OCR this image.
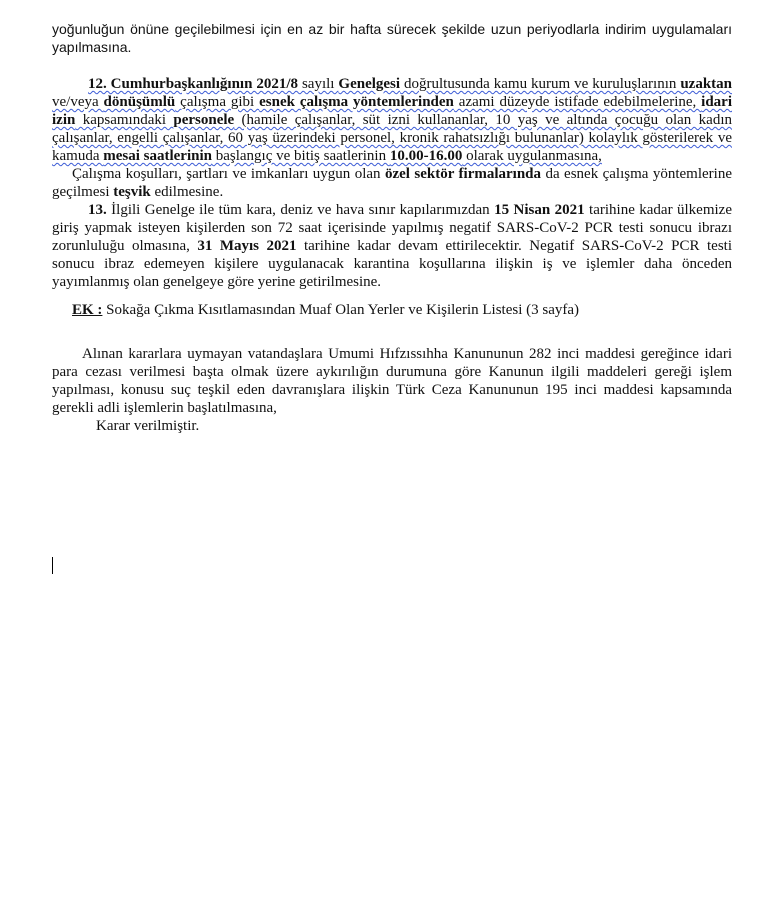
yoğunluğun önüne geçilebilmesi için en az bir hafta sürecek şekilde uzun periyodlarla indirim uygulamaları

yapılmasına.

12. Cumhurbaşkanlığının 2021/8 sayılı Genelgesi doğrultusunda kamu kurum ve kuruluşlarının uzaktan ve/veya dönüşümlü çalışma gibi esnek çalışma yöntemlerinden azami düzeyde istifade edebilmelerine, idari izin kapsamındaki personele (hamile çalışanlar, süt izni kullananlar, 10 yaş ve altında çocuğu olan kadın çalışanlar, engelli çalışanlar, 60 yaş üzerindeki personel, kronik rahatsızlığı bulunanlar) kolaylık gösterilerek ve kamuda mesai saatlerinin başlangıç ve bitiş saatlerinin 10.00-16.00 olarak uygulanmasına,

Çalışma koşulları, şartları ve imkanları uygun olan özel sektör firmalarında da esnek çalışma yöntemlerine geçilmesi teşvik edilmesine.

13. İlgili Genelge ile tüm kara, deniz ve hava sınır kapılarımızdan 15 Nisan 2021 tarihine kadar ülkemize giriş yapmak isteyen kişilerden son 72 saat içerisinde yapılmış negatif SARS-CoV-2 PCR testi sonucu ibrazı zorunluluğu olmasına, 31 Mayıs 2021 tarihine kadar devam ettirilecektir. Negatif SARS-CoV-2 PCR testi sonucu ibraz edemeyen kişilere uygulanacak karantina koşullarına ilişkin iş ve işlemler daha önceden yayımlanmış olan genelgeye göre yerine getirilmesine.

EK : Sokağa Çıkma Kısıtlamasından Muaf Olan Yerler ve Kişilerin Listesi (3 sayfa)

Alınan kararlara uymayan vatandaşlara Umumi Hıfzıssıhha Kanununun 282 inci maddesi gereğince idari para cezası verilmesi başta olmak üzere aykırılığın durumuna göre Kanunun ilgili maddeleri gereği işlem yapılması, konusu suç teşkil eden davranışlara ilişkin Türk Ceza Kanununun 195 inci maddesi kapsamında gerekli adli işlemlerin başlatılmasına,

Karar verilmiştir.
